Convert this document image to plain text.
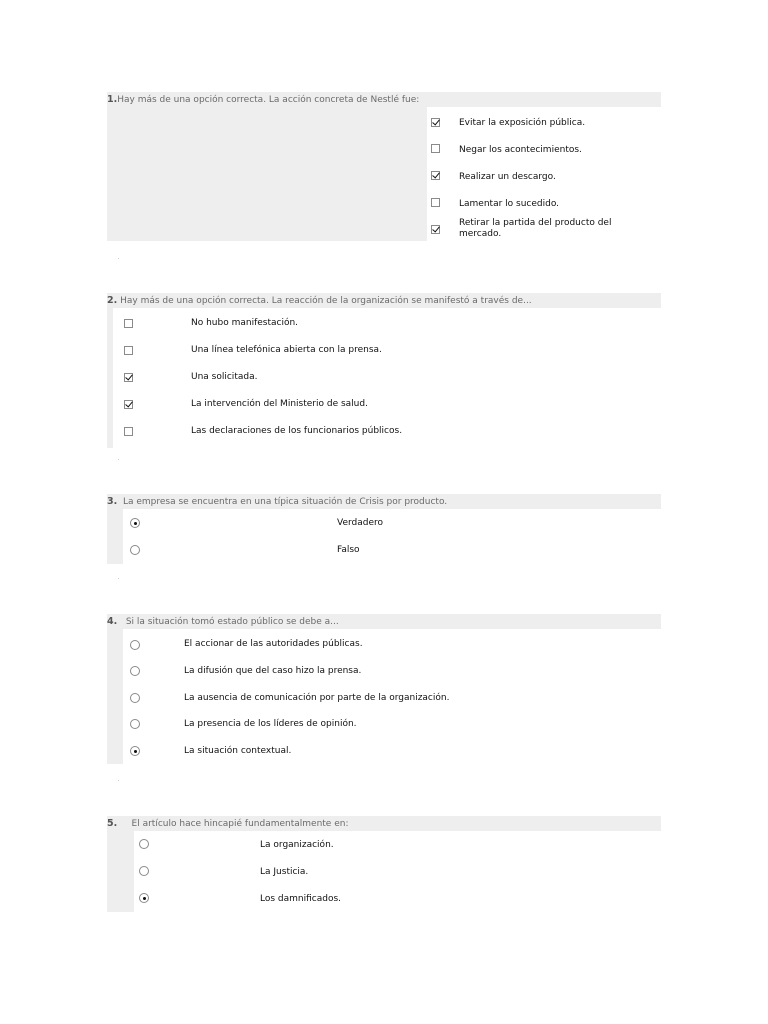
1.Hay más de una opción correcta. La acción concreta de Nestlé fue:
Evitar la exposición pública.
Negar los acontecimientos.
Realizar un descargo.
Lamentar lo sucedido.
Retirar la partida del producto del mercado.
2. Hay más de una opción correcta. La reacción de la organización se manifestó a través de...
No hubo manifestación.
Una línea telefónica abierta con la prensa.
Una solicitada.
La intervención del Ministerio de salud.
Las declaraciones de los funcionarios públicos.
3. La empresa se encuentra en una típica situación de Crisis por producto.
Verdadero
Falso
4. Si la situación tomó estado público se debe a...
El accionar de las autoridades públicas.
La difusión que del caso hizo la prensa.
La ausencia de comunicación por parte de la organización.
La presencia de los líderes de opinión.
La situación contextual.
5. El artículo hace hincapié fundamentalmente en:
La organización.
La Justicia.
Los damnificados.
